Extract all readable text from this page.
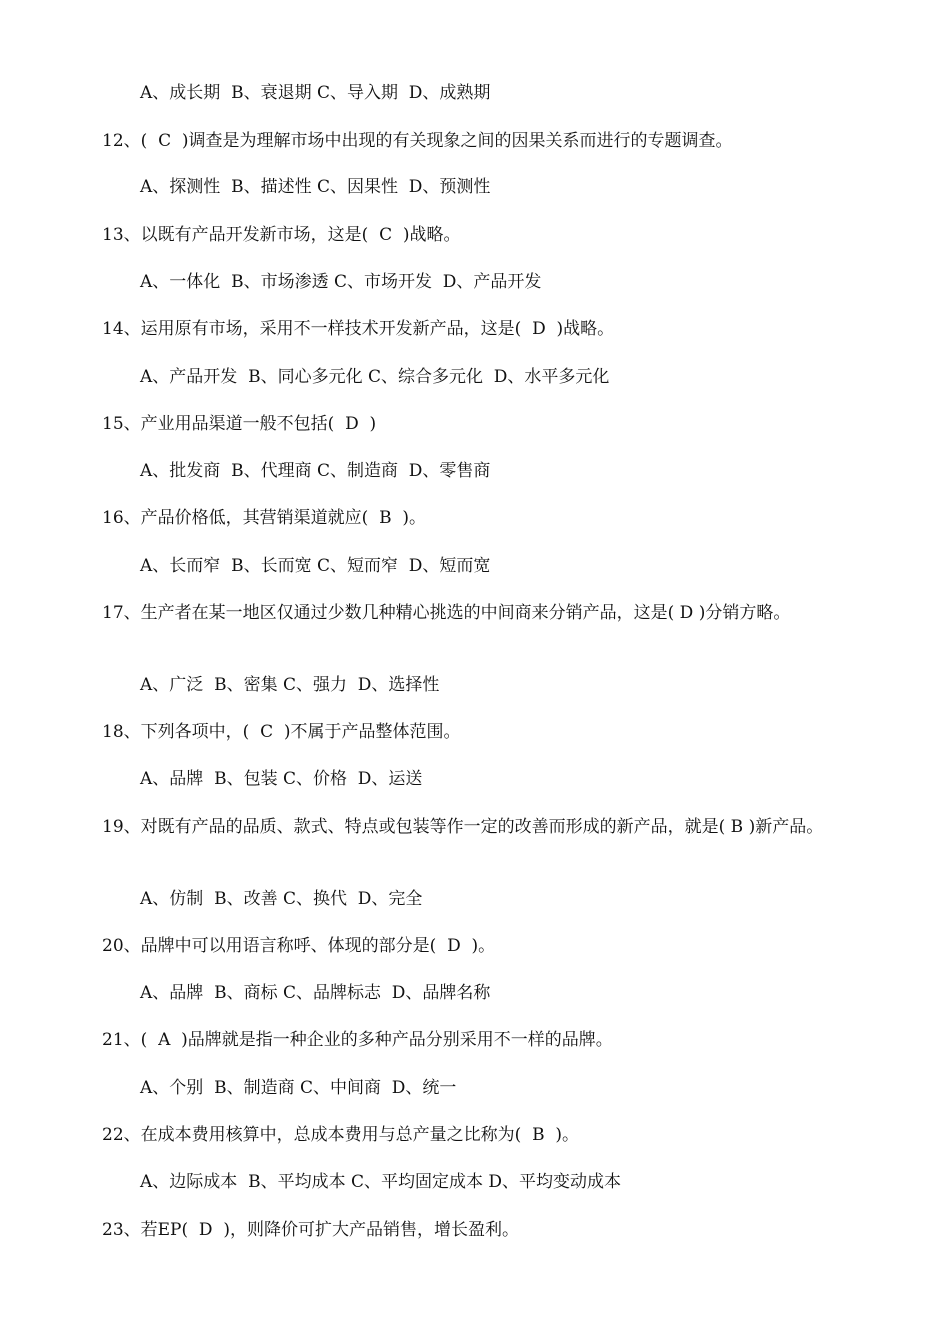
A、成长期  B、衰退期 C、导入期  D、成熟期
12、(  C  )调查是为理解市场中出现的有关现象之间的因果关系而进行的专题调查。
A、探测性  B、描述性 C、因果性  D、预测性
13、以既有产品开发新市场，这是(  C  )战略。
A、一体化  B、市场渗透 C、市场开发  D、产品开发
14、运用原有市场，采用不一样技术开发新产品，这是(  D  )战略。
A、产品开发  B、同心多元化 C、综合多元化  D、水平多元化
15、产业用品渠道一般不包括(  D  )
A、批发商  B、代理商 C、制造商  D、零售商
16、产品价格低，其营销渠道就应(  B  )。
A、长而窄  B、长而宽 C、短而窄  D、短而宽
17、生产者在某一地区仅通过少数几种精心挑选的中间商来分销产品，这是( D )分销方略。
A、广泛  B、密集 C、强力  D、选择性
18、下列各项中，(  C  )不属于产品整体范围。
A、品牌  B、包装 C、价格  D、运送
19、对既有产品的品质、款式、特点或包装等作一定的改善而形成的新产品，就是( B )新产品。
A、仿制  B、改善 C、换代  D、完全
20、品牌中可以用语言称呼、体现的部分是(  D  )。
A、品牌  B、商标 C、品牌标志  D、品牌名称
21、(  A  )品牌就是指一种企业的多种产品分别采用不一样的品牌。
A、个别  B、制造商 C、中间商  D、统一
22、在成本费用核算中，总成本费用与总产量之比称为(  B  )。
A、边际成本  B、平均成本 C、平均固定成本 D、平均变动成本
23、若EP(  D  )，则降价可扩大产品销售，增长盈利。
